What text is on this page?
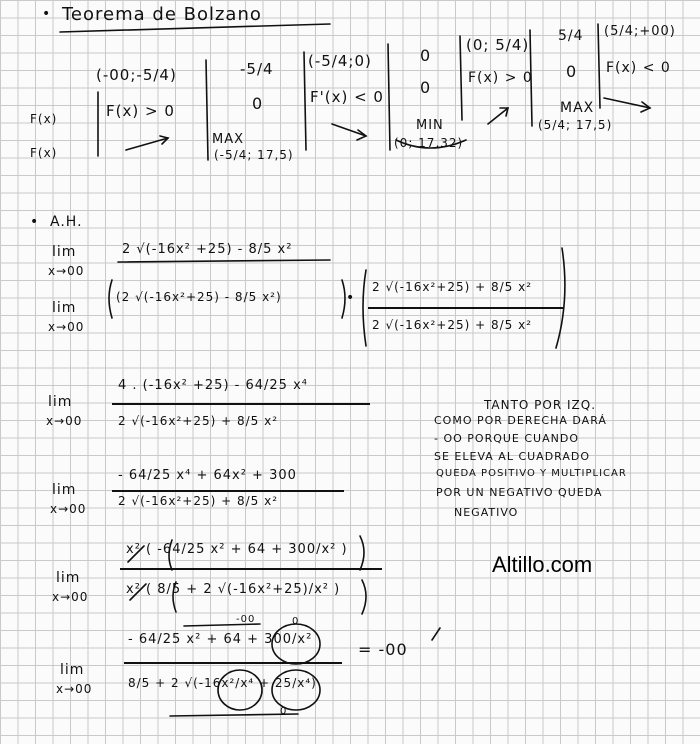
• Teorema de Bolzano
F(x)
F(x)
(-00;-5/4)
F(x) > 0
-5/4
0
MAX
(-5/4; 17,5)
(-5/4;0)
F'(x) < 0
0
0
MIN
(0; 17,32)
(0; 5/4)
F(x) > 0
5/4
0
MAX
(5/4; 17,5)
(5/4;+00)
F(x) < 0
• A.H.
lim
x→00
2 √(-16x² +25) - 8/5 x²
lim
x→00
(2 √(-16x²+25) - 8/5 x²)	•
2 √(-16x²+25) + 8/5 x²
2 √(-16x²+25) + 8/5 x²
lim
x→00
4 . (-16x² +25) - 64/25 x⁴
2 √(-16x²+25) + 8/5 x²
lim
x→00
- 64/25 x⁴ + 64x² + 300
2 √(-16x²+25) + 8/5 x²
lim
x→00
x² ( -64/25 x² + 64 + 300/x² )
x² ( 8/5 + 2 √(-16x²+25)/x² )
lim
x→00
-00	0
- 64/25 x² + 64 + 300/x²
8/5 + 2 √(-16x²/x⁴ + 25/x⁴)
0
= -00
TANTO POR IZQ.
COMO POR DERECHA DARÁ
- OO PORQUE CUANDO
SE ELEVA AL CUADRADO
QUEDA POSITIVO Y MULTIPLICAR
POR UN NEGATIVO QUEDA
NEGATIVO
Altillo.com
